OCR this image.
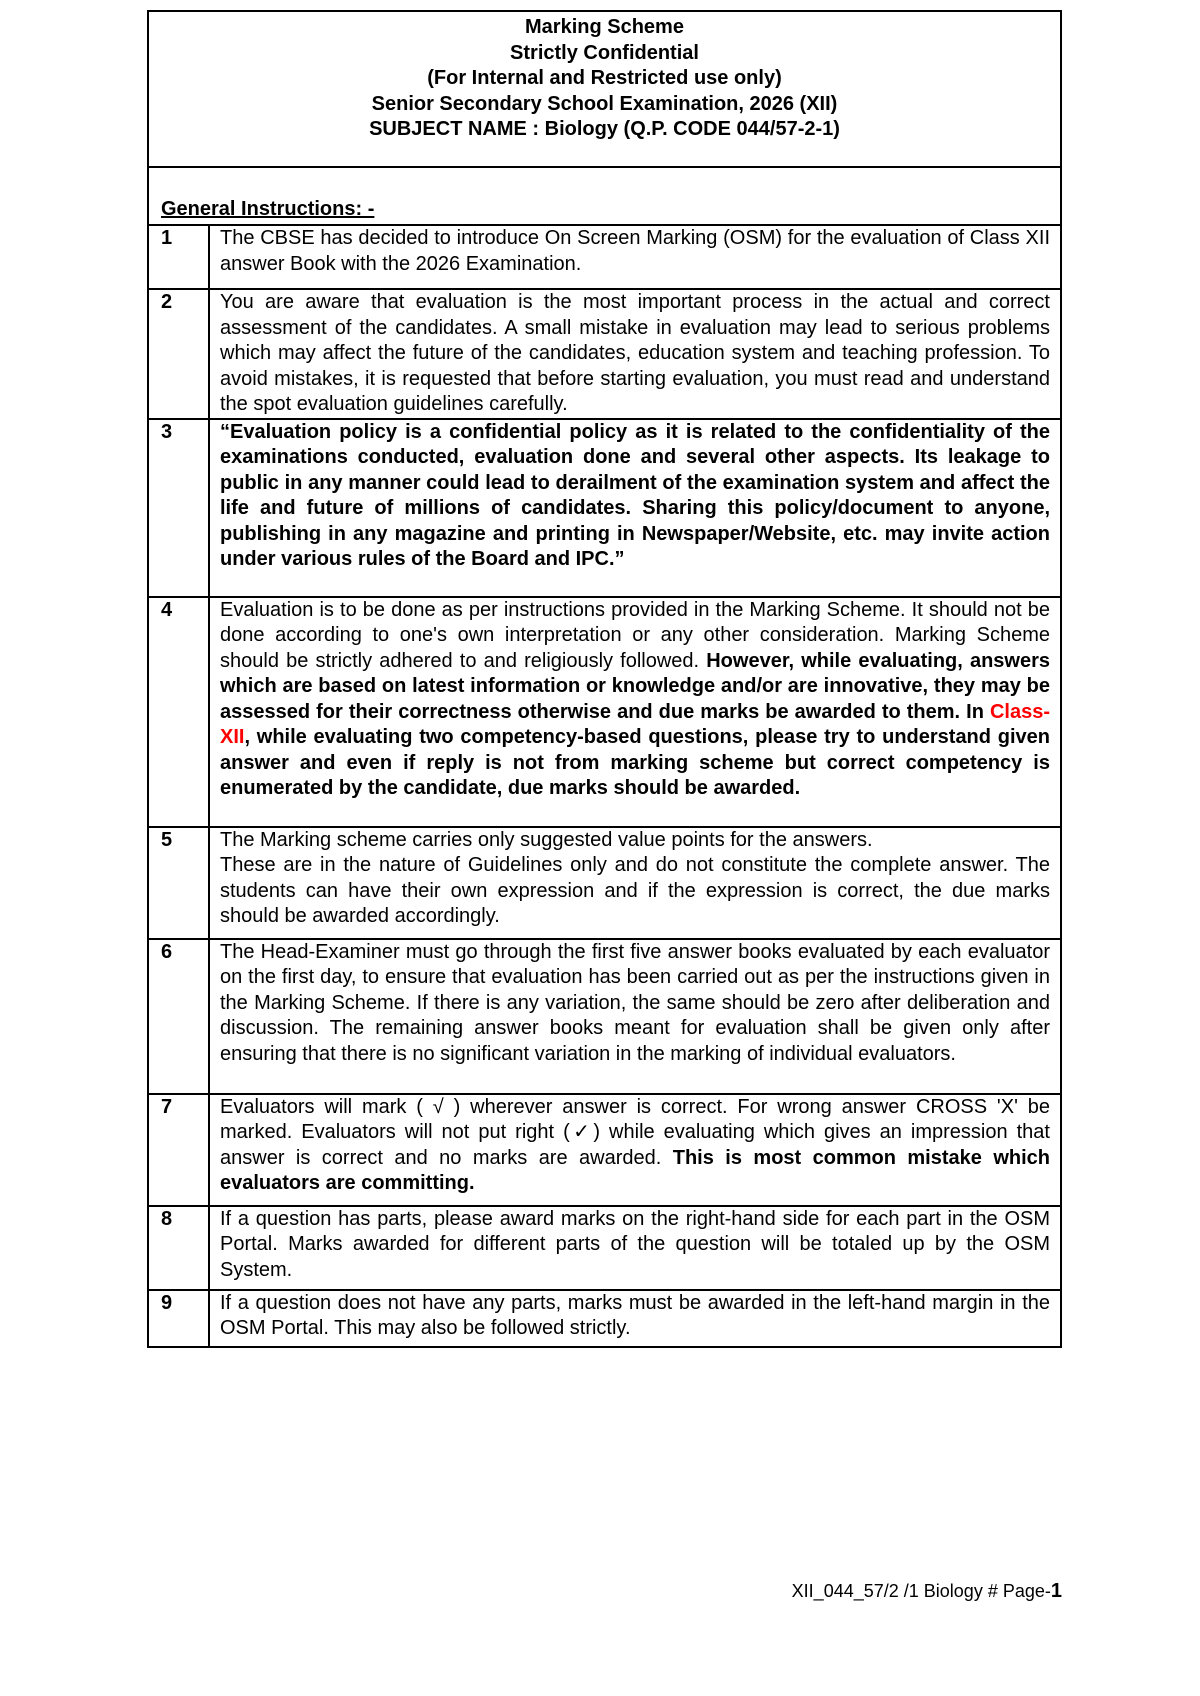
Marking Scheme
Strictly Confidential
(For Internal and Restricted use only)
Senior Secondary School Examination, 2026 (XII)
SUBJECT NAME : Biology (Q.P. CODE 044/57-2-1)
General Instructions: -
1	The CBSE has decided to introduce On Screen Marking (OSM) for the evaluation of Class XII answer Book with the 2026 Examination.
2	You are aware that evaluation is the most important process in the actual and correct assessment of the candidates. A small mistake in evaluation may lead to serious problems which may affect the future of the candidates, education system and teaching profession. To avoid mistakes, it is requested that before starting evaluation, you must read and understand the spot evaluation guidelines carefully.
3	“Evaluation policy is a confidential policy as it is related to the confidentiality of the examinations conducted, evaluation done and several other aspects. Its leakage to public in any manner could lead to derailment of the examination system and affect the life and future of millions of candidates. Sharing this policy/document to anyone, publishing in any magazine and printing in Newspaper/Website, etc. may invite action under various rules of the Board and IPC.”
4	Evaluation is to be done as per instructions provided in the Marking Scheme. It should not be done according to one's own interpretation or any other consideration. Marking Scheme should be strictly adhered to and religiously followed. However, while evaluating, answers which are based on latest information or knowledge and/or are innovative, they may be assessed for their correctness otherwise and due marks be awarded to them. In Class-XII, while evaluating two competency-based questions, please try to understand given answer and even if reply is not from marking scheme but correct competency is enumerated by the candidate, due marks should be awarded.
5	The Marking scheme carries only suggested value points for the answers.
These are in the nature of Guidelines only and do not constitute the complete answer. The students can have their own expression and if the expression is correct, the due marks should be awarded accordingly.

6	The Head-Examiner must go through the first five answer books evaluated by each evaluator on the first day, to ensure that evaluation has been carried out as per the instructions given in the Marking Scheme. If there is any variation, the same should be zero after deliberation and discussion. The remaining answer books meant for evaluation shall be given only after ensuring that there is no significant variation in the marking of individual evaluators.
7	Evaluators will mark ( √ ) wherever answer is correct. For wrong answer CROSS 'X' be marked. Evaluators will not put right (✓) while evaluating which gives an impression that answer is correct and no marks are awarded. This is most common mistake which evaluators are committing.
8	If a question has parts, please award marks on the right-hand side for each part in the OSM Portal. Marks awarded for different parts of the question will be totaled up by the OSM System.
9	If a question does not have any parts, marks must be awarded in the left-hand margin in the OSM Portal. This may also be followed strictly.
XII_044_57/2 /1 Biology # Page-1
